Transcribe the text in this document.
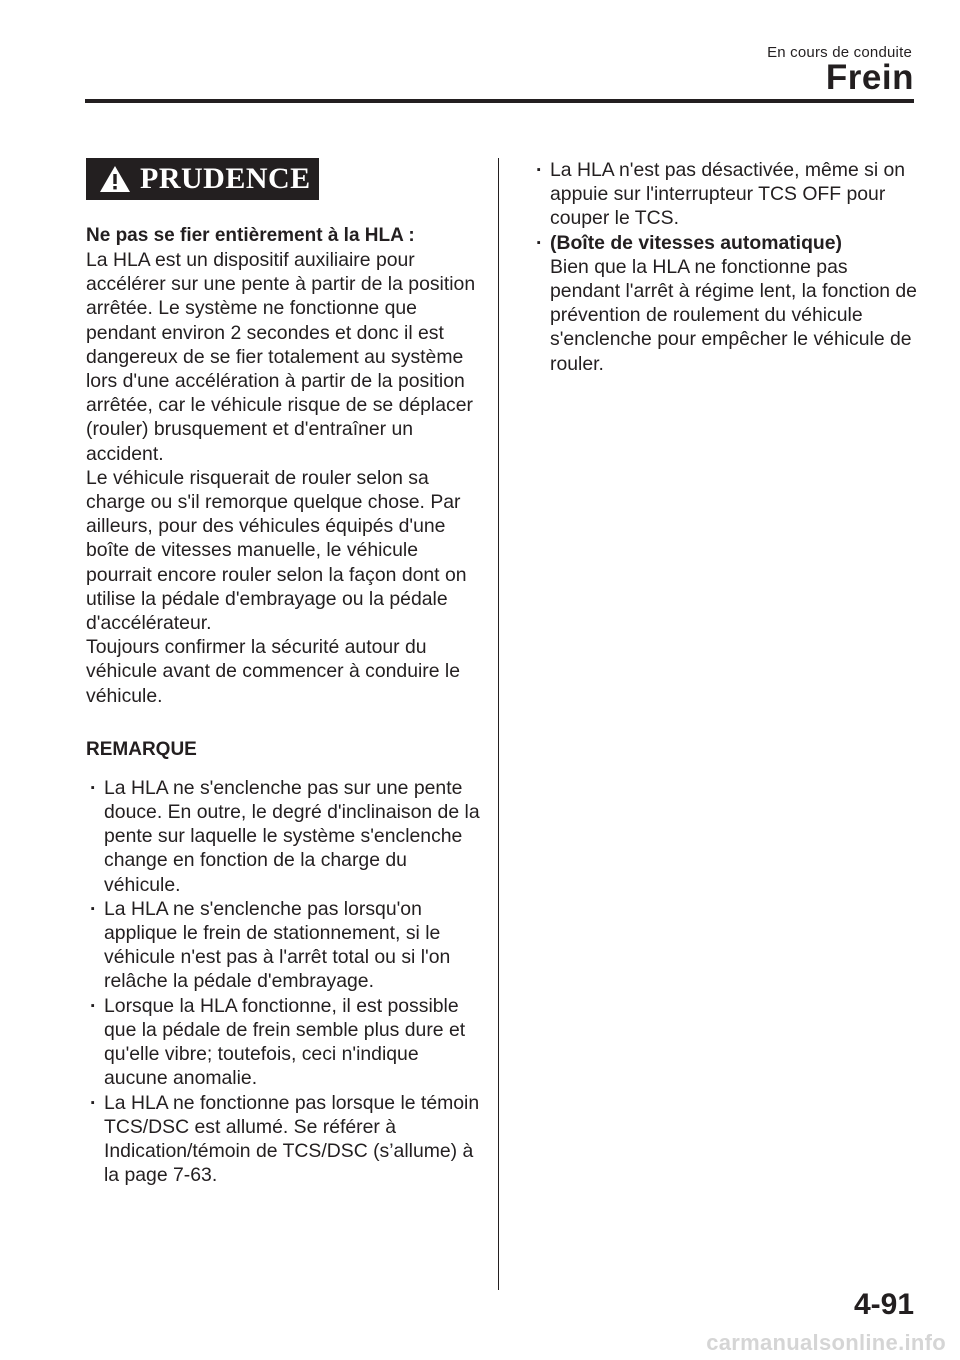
En cours de conduite
Frein
PRUDENCE
Ne pas se fier entièrement à la HLA :

La HLA est un dispositif auxiliaire pour accélérer sur une pente à partir de la position arrêtée. Le système ne fonctionne que pendant environ 2 secondes et donc il est dangereux de se fier totalement au système lors d'une accélération à partir de la position arrêtée, car le véhicule risque de se déplacer (rouler) brusquement et d'entraîner un accident.

Le véhicule risquerait de rouler selon sa charge ou s'il remorque quelque chose. Par ailleurs, pour des véhicules équipés d'une boîte de vitesses manuelle, le véhicule pourrait encore rouler selon la façon dont on utilise la pédale d'embrayage ou la pédale d'accélérateur.

Toujours confirmer la sécurité autour du véhicule avant de commencer à conduire le véhicule.

REMARQUE
· La HLA ne s'enclenche pas sur une pente douce. En outre, le degré d'inclinaison de la pente sur laquelle le système s'enclenche change en fonction de la charge du véhicule.
· La HLA ne s'enclenche pas lorsqu'on applique le frein de stationnement, si le véhicule n'est pas à l'arrêt total ou si l'on relâche la pédale d'embrayage.
· Lorsque la HLA fonctionne, il est possible que la pédale de frein semble plus dure et qu'elle vibre; toutefois, ceci n'indique aucune anomalie.
· La HLA ne fonctionne pas lorsque le témoin TCS/DSC est allumé. Se référer à Indication/témoin de TCS/DSC (s’allume) à la page 7-63.
· La HLA n'est pas désactivée, même si on appuie sur l'interrupteur TCS OFF pour couper le TCS.
· (Boîte de vitesses automatique)
Bien que la HLA ne fonctionne pas pendant l'arrêt à régime lent, la fonction de prévention de roulement du véhicule s'enclenche pour empêcher le véhicule de rouler.
4-91
carmanualsonline.info
